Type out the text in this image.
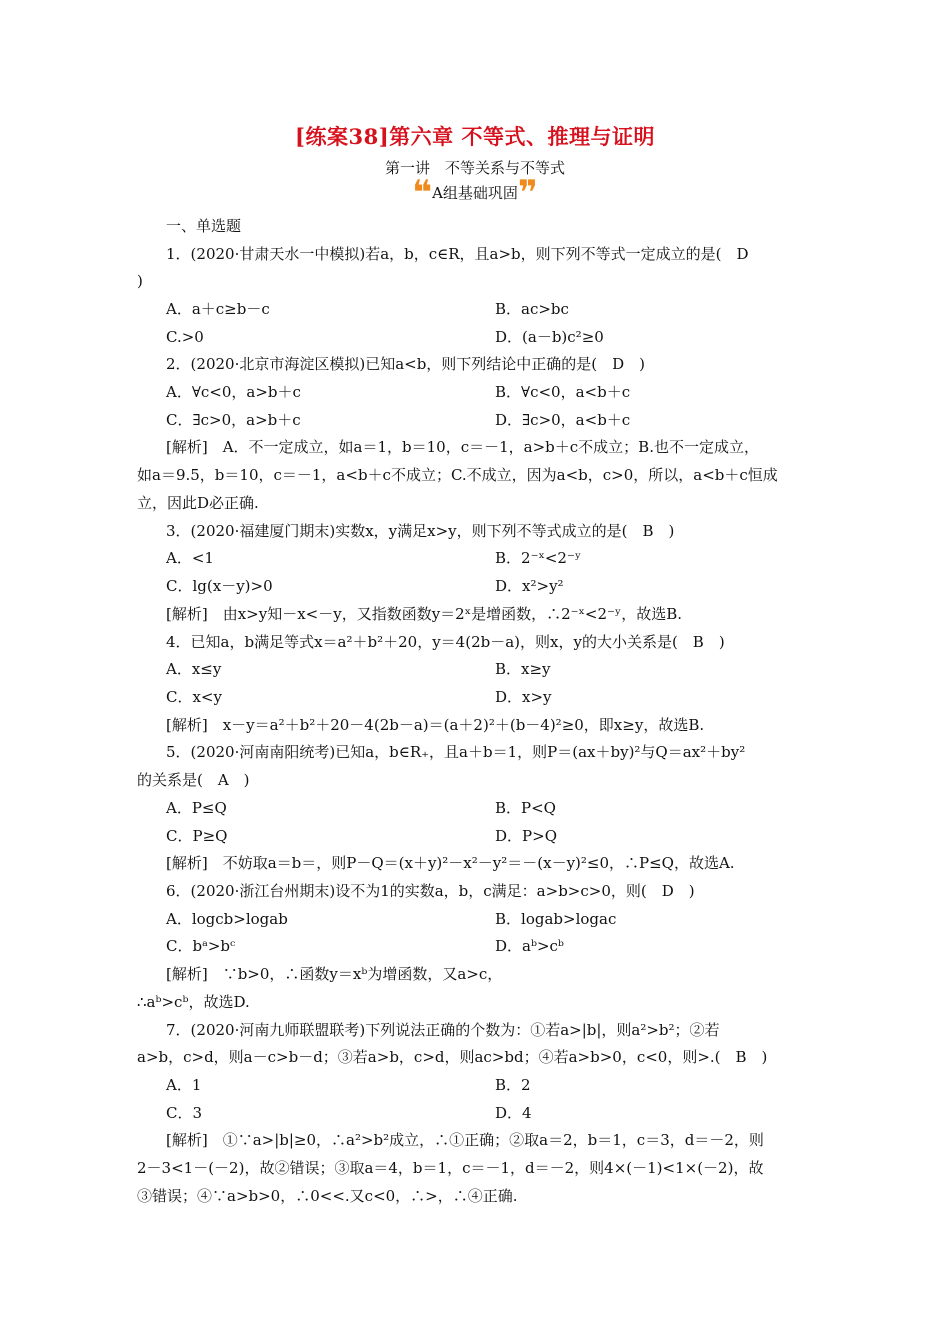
[练案38]第六章 不等式、推理与证明
第一讲　不等关系与不等式
❝A组基础巩固❞
一、单选题
1．(2020·甘肃天水一中模拟)若a，b，c∈R，且a>b，则下列不等式一定成立的是(　D
)
A．a＋c≥b－c	B．ac>bc
C.>0	D．(a－b)c²≥0
2．(2020·北京市海淀区模拟)已知a<b，则下列结论中正确的是(　D　)
A．∀c<0，a>b＋c	B．∀c<0，a<b＋c
C．∃c>0，a>b＋c	D．∃c>0，a<b＋c
[解析]　A．不一定成立，如a＝1，b＝10，c＝－1，a>b＋c不成立；B.也不一定成立，
如a＝9.5，b＝10，c＝－1，a<b＋c不成立；C.不成立，因为a<b，c>0，所以，a<b＋c恒成
立，因此D必正确.
3．(2020·福建厦门期末)实数x，y满足x>y，则下列不等式成立的是(　B　)
A．<1	B．2⁻ˣ<2⁻ʸ
C．lg(x－y)>0	D．x²>y²
[解析]　由x>y知－x<－y，又指数函数y＝2ˣ是增函数，∴2⁻ˣ<2⁻ʸ，故选B.
4．已知a，b满足等式x＝a²＋b²＋20，y＝4(2b－a)，则x，y的大小关系是(　B　)
A．x≤y	B．x≥y
C．x<y	D．x>y
[解析]　x－y＝a²＋b²＋20－4(2b－a)＝(a＋2)²＋(b－4)²≥0，即x≥y，故选B.
5．(2020·河南南阳统考)已知a，b∈R₊，且a＋b＝1，则P＝(ax＋by)²与Q＝ax²＋by²
的关系是(　A　)
A．P≤Q	B．P<Q
C．P≥Q	D．P>Q
[解析]　不妨取a＝b＝，则P－Q＝(x＋y)²－x²－y²＝－(x－y)²≤0，∴P≤Q，故选A.
6．(2020·浙江台州期末)设不为1的实数a，b，c满足：a>b>c>0，则(　D　)
A．logcb>logab	B．logab>logac
C．bᵃ>bᶜ	D．aᵇ>cᵇ
[解析]　∵b>0，∴函数y＝xᵇ为增函数，又a>c，
∴aᵇ>cᵇ，故选D.
7．(2020·河南九师联盟联考)下列说法正确的个数为：①若a>|b|，则a²>b²；②若
a>b，c>d，则a－c>b－d；③若a>b，c>d，则ac>bd；④若a>b>0，c<0，则>.(　B　)
A．1	B．2
C．3	D．4
[解析]　①∵a>|b|≥0，∴a²>b²成立，∴①正确；②取a＝2，b＝1，c＝3，d＝－2，则
2－3<1－(－2)，故②错误；③取a＝4，b＝1，c＝－1，d＝－2，则4×(－1)<1×(－2)，故
③错误；④∵a>b>0，∴0<<.又c<0，∴>，∴④正确.
